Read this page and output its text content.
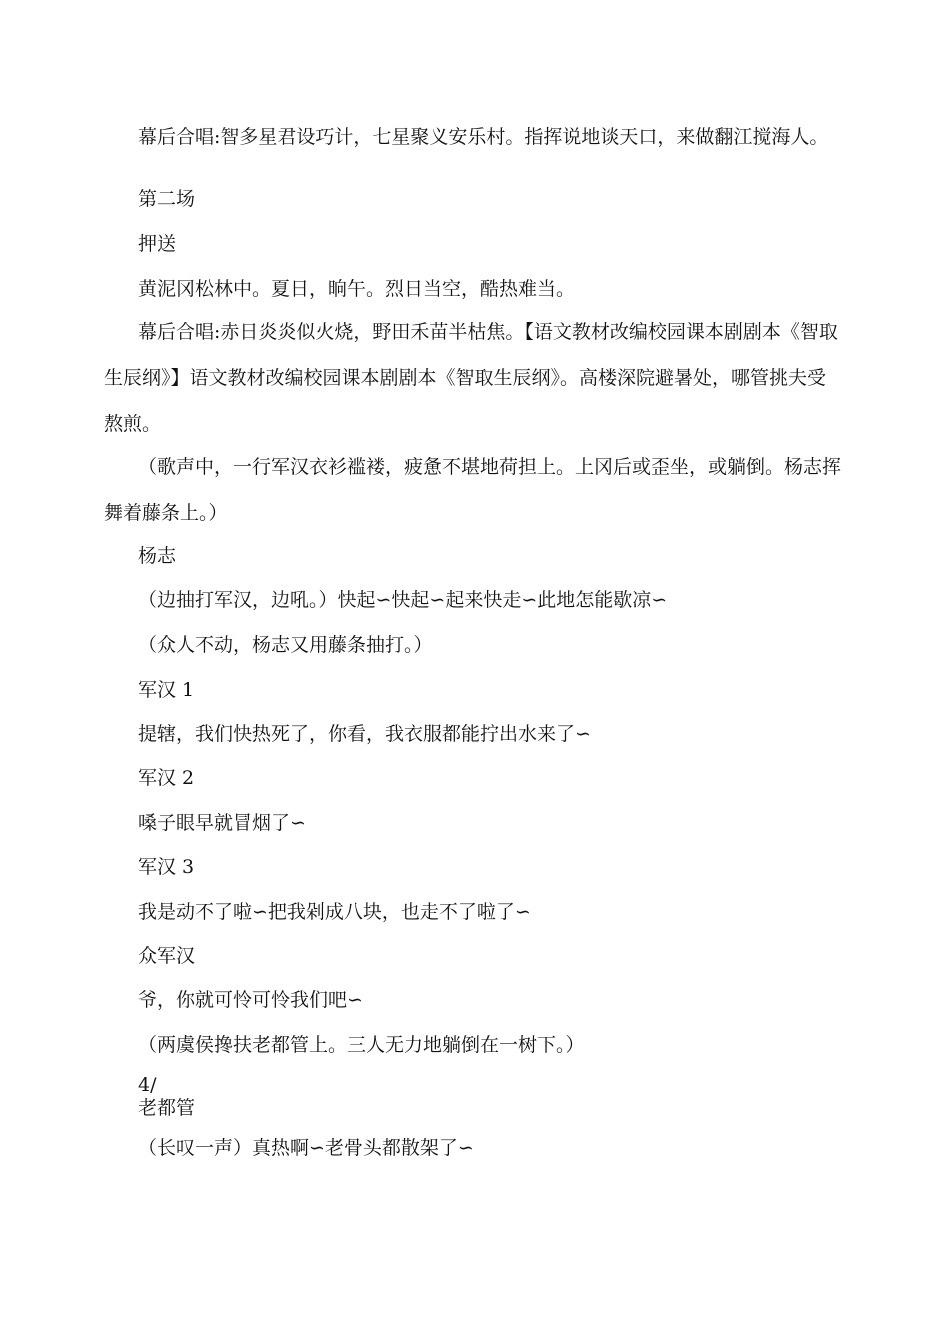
幕后合唱:智多星君设巧计，七星聚义安乐村。指挥说地谈天口，来做翻江搅海人。

第二场

押送

黄泥冈松林中。夏日，晌午。烈日当空，酷热难当。

幕后合唱:赤日炎炎似火烧，野田禾苗半枯焦。【语文教材改编校园课本剧剧本《智取生辰纲》】语文教材改编校园课本剧剧本《智取生辰纲》。高楼深院避暑处，哪管挑夫受熬煎。

（歌声中，一行军汉衣衫褴褛，疲惫不堪地荷担上。上冈后或歪坐，或躺倒。杨志挥舞着藤条上。）

杨志

（边抽打军汉，边吼。）快起∽快起∽起来快走∽此地怎能歇凉∽

（众人不动，杨志又用藤条抽打。）

军汉 1

提辖，我们快热死了，你看，我衣服都能拧出水来了∽

军汉 2

嗓子眼早就冒烟了∽

军汉 3

我是动不了啦∽把我剁成八块，也走不了啦了∽

众军汉

爷，你就可怜可怜我们吧∽

（两虞侯搀扶老都管上。三人无力地躺倒在一树下。）

4/

老都管

（长叹一声）真热啊∽老骨头都散架了∽
